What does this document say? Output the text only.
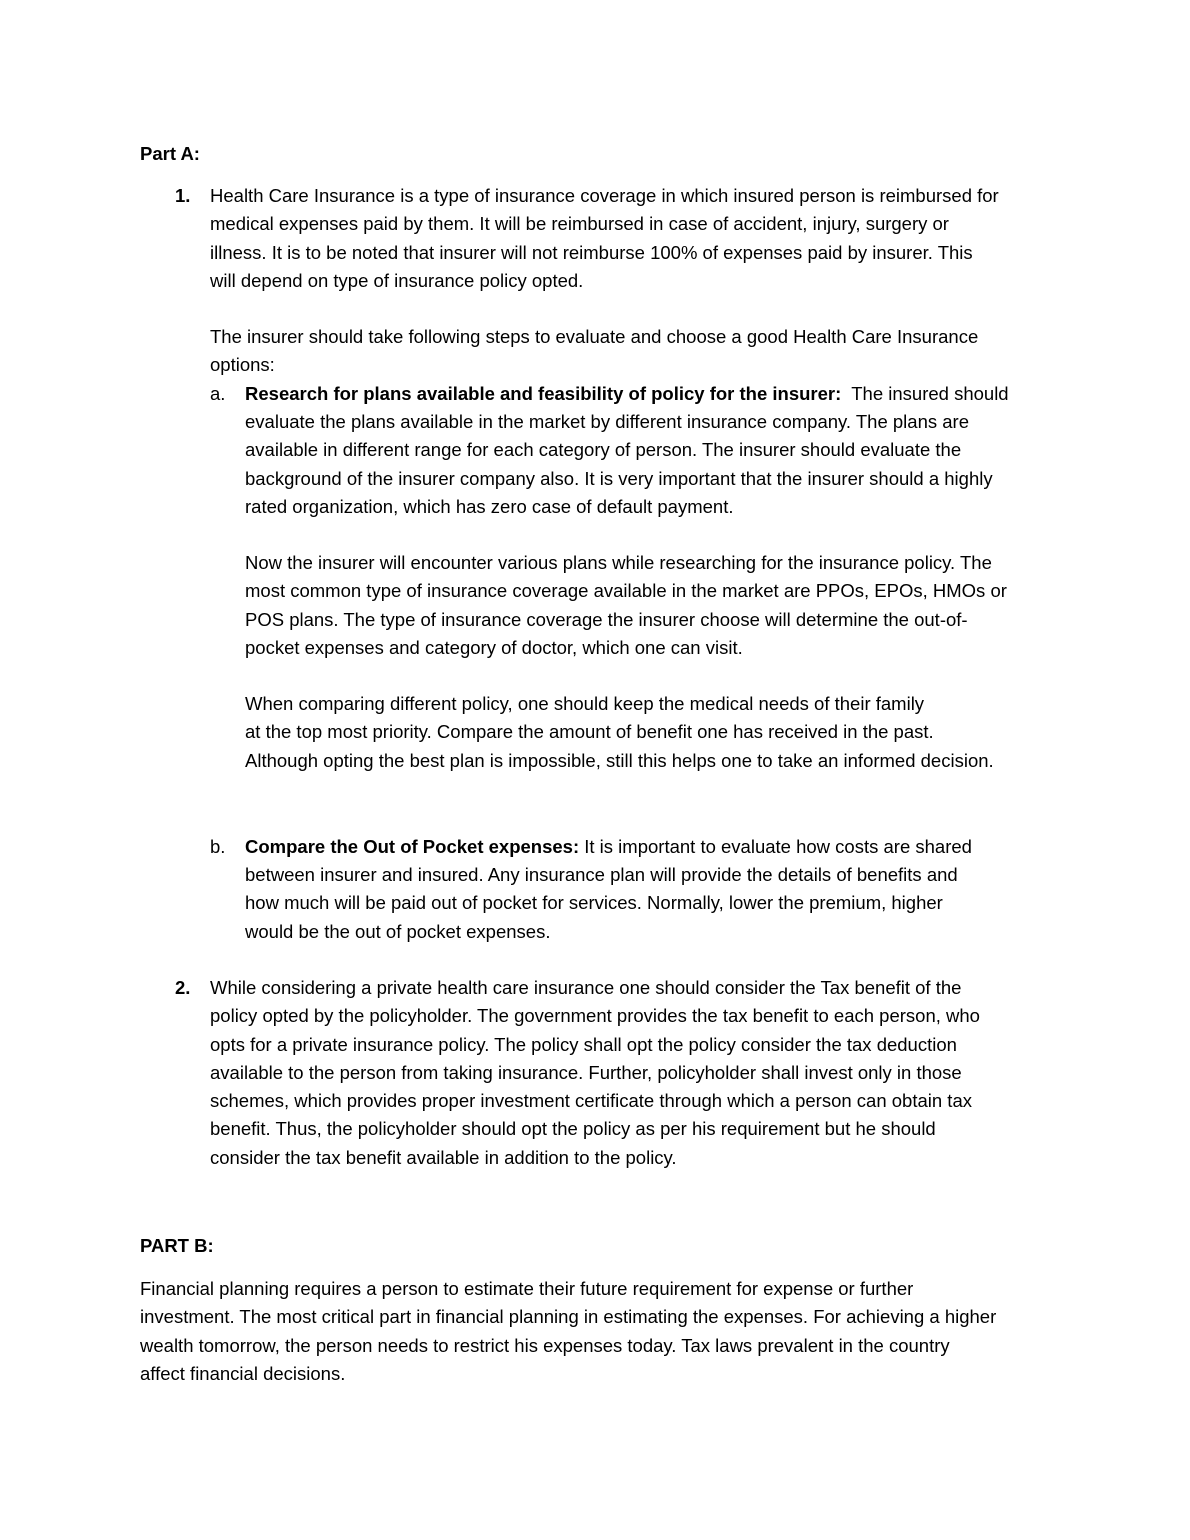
Part A:

1. Health Care Insurance is a type of insurance coverage in which insured person is reimbursed for
medical expenses paid by them. It will be reimbursed in case of accident, injury, surgery or
illness. It is to be noted that insurer will not reimburse 100% of expenses paid by insurer. This
will depend on type of insurance policy opted.

The insurer should take following steps to evaluate and choose a good Health Care Insurance
options:

a. Research for plans available and feasibility of policy for the insurer:  The insured should

evaluate the plans available in the market by different insurance company. The plans are
available in different range for each category of person. The insurer should evaluate the
background of the insurer company also. It is very important that the insurer should a highly
rated organization, which has zero case of default payment.

Now the insurer will encounter various plans while researching for the insurance policy. The
most common type of insurance coverage available in the market are PPOs, EPOs, HMOs or
POS plans. The type of insurance coverage the insurer choose will determine the out-of-
pocket expenses and category of doctor, which one can visit.

When comparing different policy, one should keep the medical needs of their family
at the top most priority. Compare the amount of benefit one has received in the past.
Although opting the best plan is impossible, still this helps one to take an informed decision.

b. Compare the Out of Pocket expenses: It is important to evaluate how costs are shared

between insurer and insured. Any insurance plan will provide the details of benefits and
how much will be paid out of pocket for services. Normally, lower the premium, higher
would be the out of pocket expenses.

2. While considering a private health care insurance one should consider the Tax benefit of the
policy opted by the policyholder. The government provides the tax benefit to each person, who
opts for a private insurance policy. The policy shall opt the policy consider the tax deduction
available to the person from taking insurance. Further, policyholder shall invest only in those
schemes, which provides proper investment certificate through which a person can obtain tax
benefit. Thus, the policyholder should opt the policy as per his requirement but he should
consider the tax benefit available in addition to the policy.

PART B:

Financial planning requires a person to estimate their future requirement for expense or further
investment. The most critical part in financial planning in estimating the expenses. For achieving a higher
wealth tomorrow, the person needs to restrict his expenses today. Tax laws prevalent in the country
affect financial decisions.
